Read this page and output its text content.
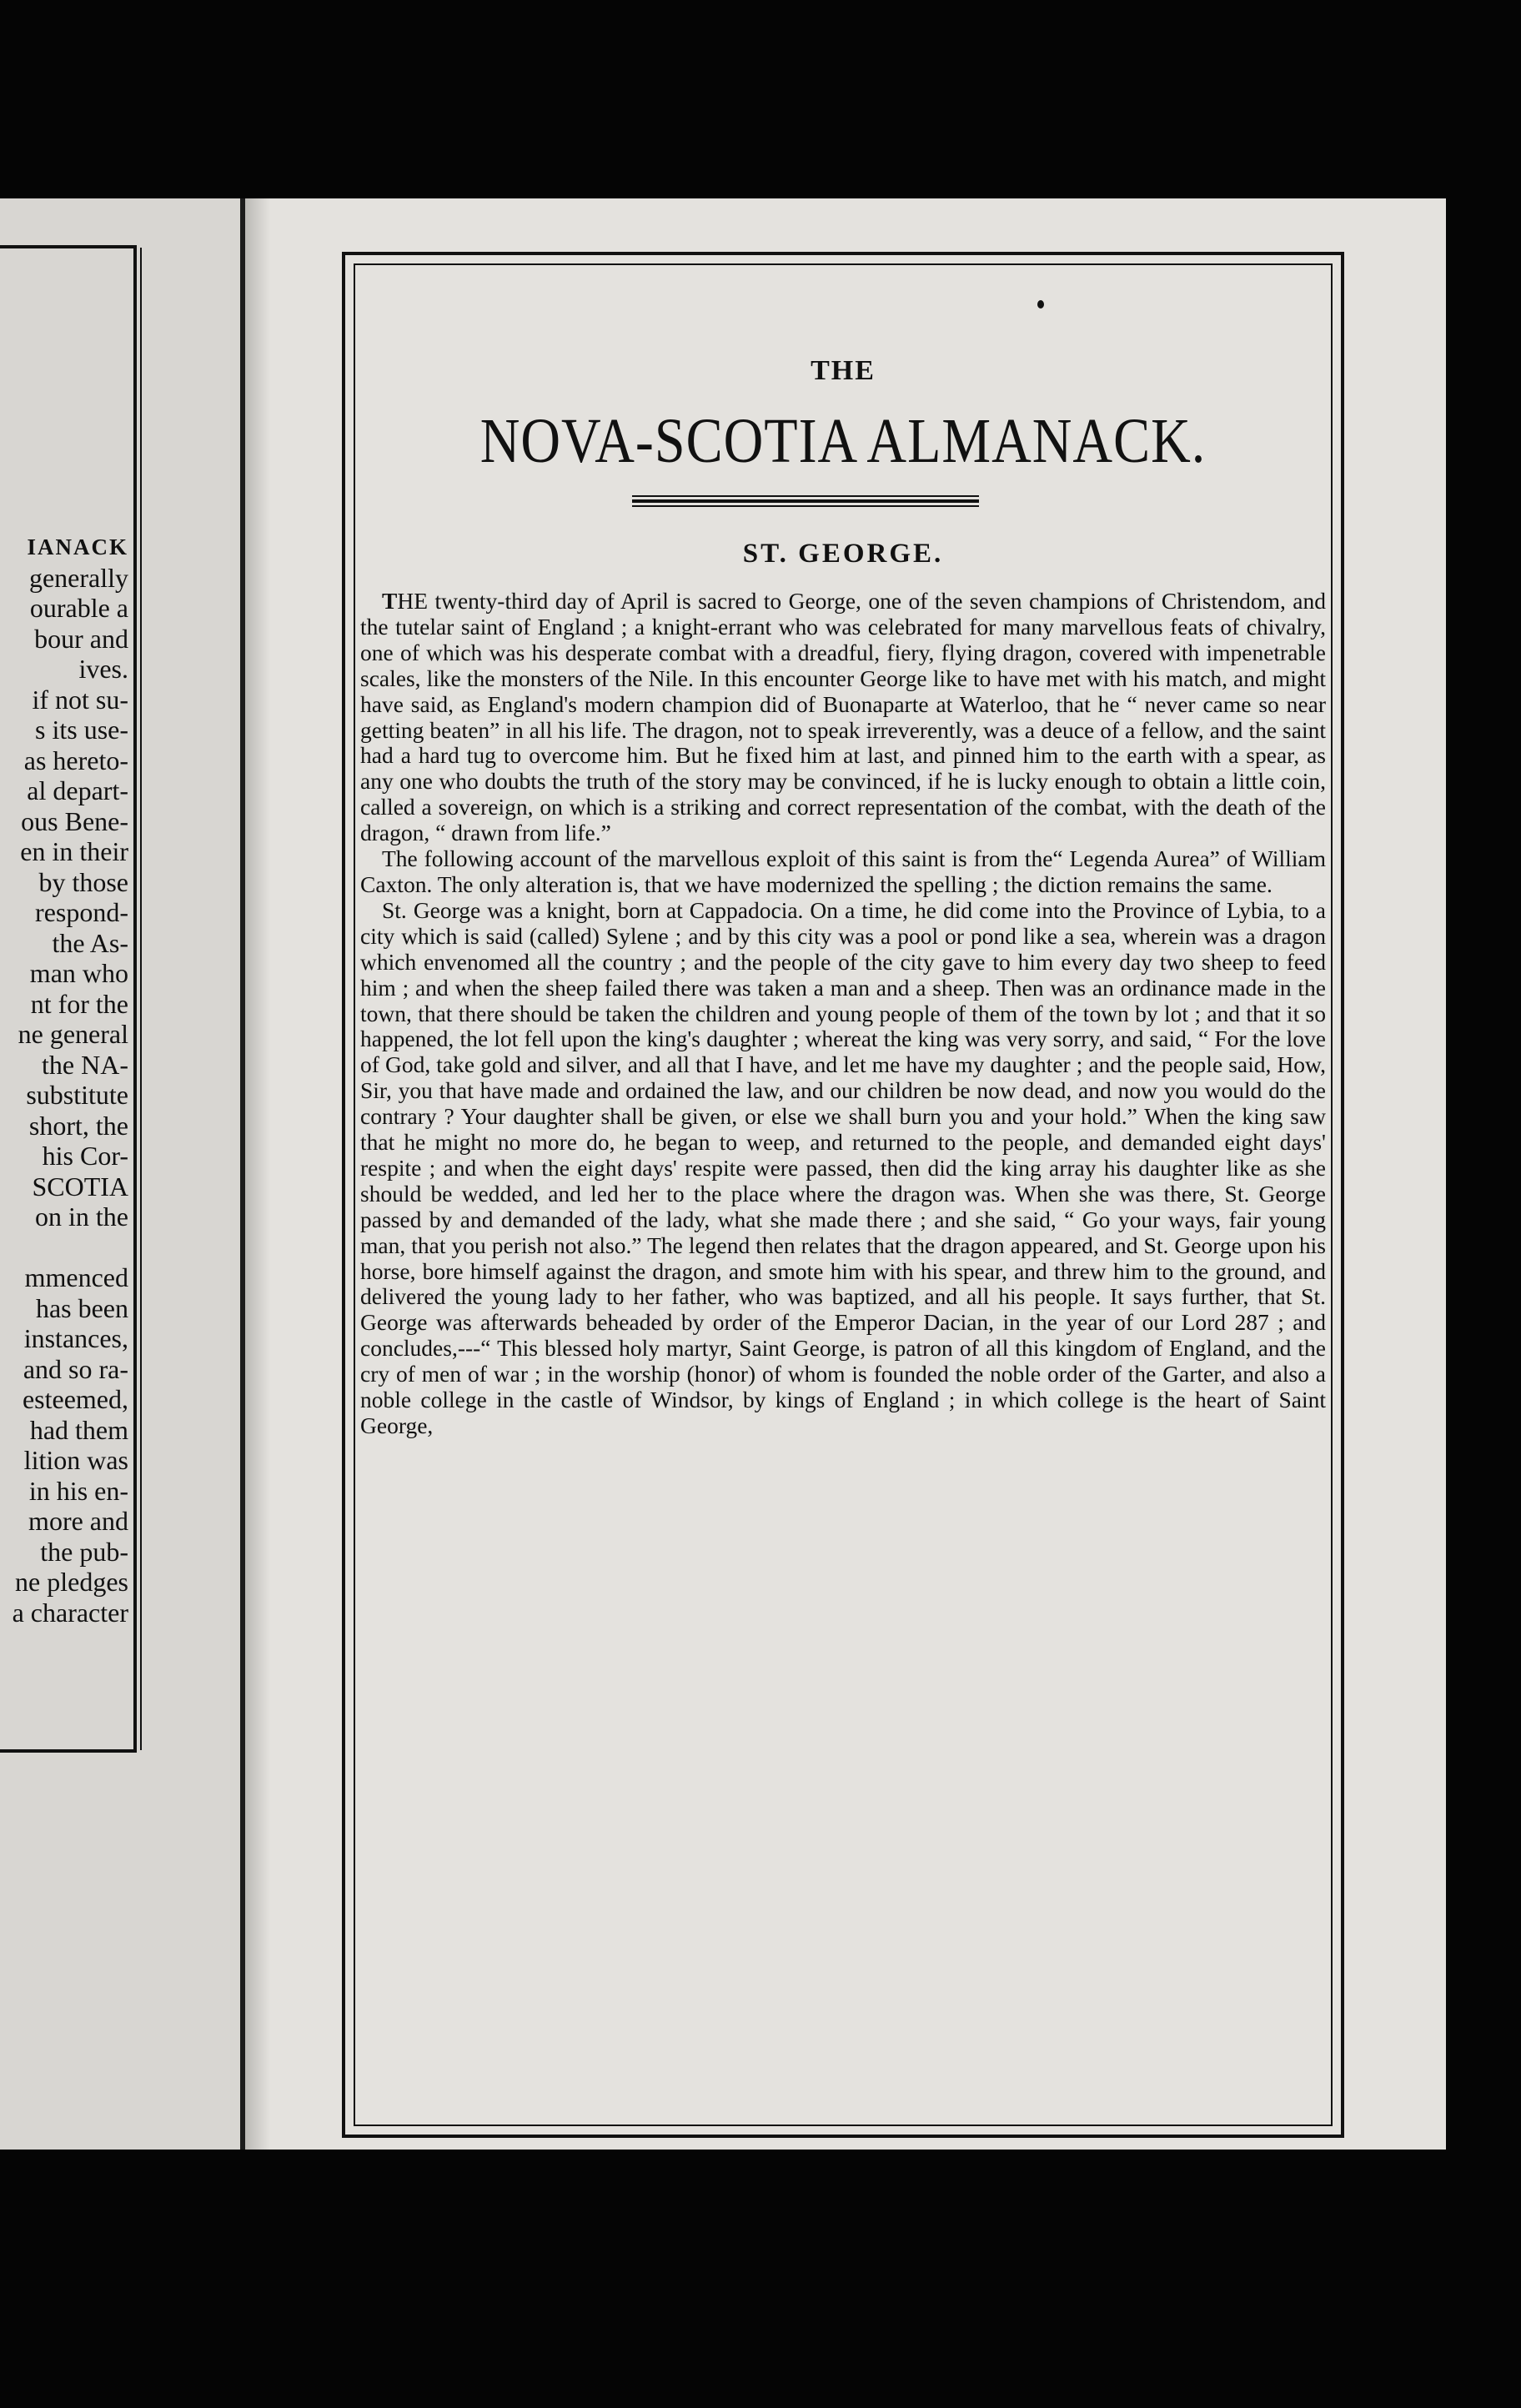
IANACK
generally
ourable a
bour and
ives.
if not su-
s its use-
as hereto-
al depart-
ous Bene-
en in their
by those
respond-
the As-
man who
nt for the
ne general
the NA-
substitute
short, the
his Cor-
SCOTIA
on in the

mmenced
has been
instances,
and so ra-
esteemed,
had them
lition was
in his en-
more and
the pub-
ne pledges
a character
THE
NOVA-SCOTIA ALMANACK.
ST. GEORGE.

THE twenty-third day of April is sacred to George, one of the seven champions of Christendom, and the tutelar saint of England ; a knight-errant who was celebrated for many marvellous feats of chivalry, one of which was his desperate combat with a dreadful, fiery, flying dragon, covered with impenetrable scales, like the monsters of the Nile. In this encounter George like to have met with his match, and might have said, as England's modern champion did of Buonaparte at Waterloo, that he “ never came so near getting beaten” in all his life. The dragon, not to speak irreverently, was a deuce of a fellow, and the saint had a hard tug to overcome him. But he fixed him at last, and pinned him to the earth with a spear, as any one who doubts the truth of the story may be convinced, if he is lucky enough to obtain a little coin, called a sovereign, on which is a striking and correct representation of the combat, with the death of the dragon, “ drawn from life.”

The following account of the marvellous exploit of this saint is from the“ Legenda Aurea” of William Caxton. The only alteration is, that we have modernized the spelling ; the diction remains the same.

St. George was a knight, born at Cappadocia. On a time, he did come into the Province of Lybia, to a city which is said (called) Sylene ; and by this city was a pool or pond like a sea, wherein was a dragon which envenomed all the country ; and the people of the city gave to him every day two sheep to feed him ; and when the sheep failed there was taken a man and a sheep. Then was an ordinance made in the town, that there should be taken the children and young people of them of the town by lot ; and that it so happened, the lot fell upon the king's daughter ; whereat the king was very sorry, and said, “ For the love of God, take gold and silver, and all that I have, and let me have my daughter ; and the people said, How, Sir, you that have made and ordained the law, and our children be now dead, and now you would do the contrary ? Your daughter shall be given, or else we shall burn you and your hold.” When the king saw that he might no more do, he began to weep, and returned to the people, and demanded eight days' respite ; and when the eight days' respite were passed, then did the king array his daughter like as she should be wedded, and led her to the place where the dragon was. When she was there, St. George passed by and demanded of the lady, what she made there ; and she said, “ Go your ways, fair young man, that you perish not also.” The legend then relates that the dragon appeared, and St. George upon his horse, bore himself against the dragon, and smote him with his spear, and threw him to the ground, and delivered the young lady to her father, who was baptized, and all his people. It says further, that St. George was afterwards beheaded by order of the Emperor Dacian, in the year of our Lord 287 ; and concludes,---“ This blessed holy martyr, Saint George, is patron of all this kingdom of England, and the cry of men of war ; in the worship (honor) of whom is founded the noble order of the Garter, and also a noble college in the castle of Windsor, by kings of England ; in which college is the heart of Saint George,
